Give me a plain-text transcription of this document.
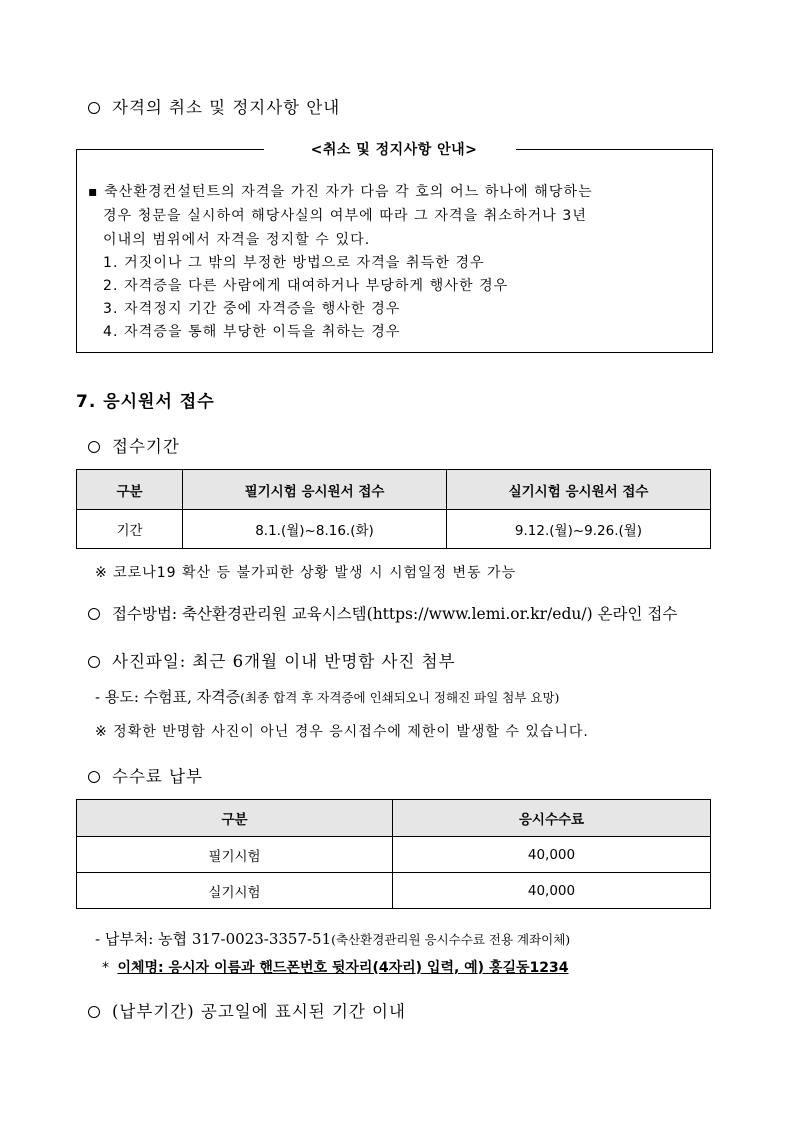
자격의 취소 및 정지사항 안내
<취소 및 정지사항 안내>
▪ 축산환경컨설턴트의 자격을 가진 자가 다음 각 호의 어느 하나에 해당하는
경우 청문을 실시하여 해당사실의 여부에 따라 그 자격을 취소하거나 3년
이내의 범위에서 자격을 정지할 수 있다.
1. 거짓이나 그 밖의 부정한 방법으로 자격을 취득한 경우
2. 자격증을 다른 사람에게 대여하거나 부당하게 행사한 경우
3. 자격정지 기간 중에 자격증을 행사한 경우
4. 자격증을 통해 부당한 이득을 취하는 경우
7. 응시원서 접수
접수기간
구분	필기시험 응시원서 접수	실기시험 응시원서 접수
기간	8.1.(월)~8.16.(화)	9.12.(월)~9.26.(월)
※ 코로나19 확산 등 불가피한 상황 발생 시 시험일정 변동 가능
접수방법: 축산환경관리원 교육시스템(https://www.lemi.or.kr/edu/) 온라인 접수
사진파일: 최근 6개월 이내 반명함 사진 첨부
- 용도: 수험표, 자격증(최종 합격 후 자격증에 인쇄되오니 정해진 파일 첨부 요망)
※ 정확한 반명함 사진이 아닌 경우 응시접수에 제한이 발생할 수 있습니다.
수수료 납부
구분	응시수수료
필기시험	40,000
실기시험	40,000
- 납부처: 농협 317-0023-3357-51(축산환경관리원 응시수수료 전용 계좌이체)
* 이체명: 응시자 이름과 핸드폰번호 뒷자리(4자리) 입력, 예) 홍길동1234
(납부기간) 공고일에 표시된 기간 이내
